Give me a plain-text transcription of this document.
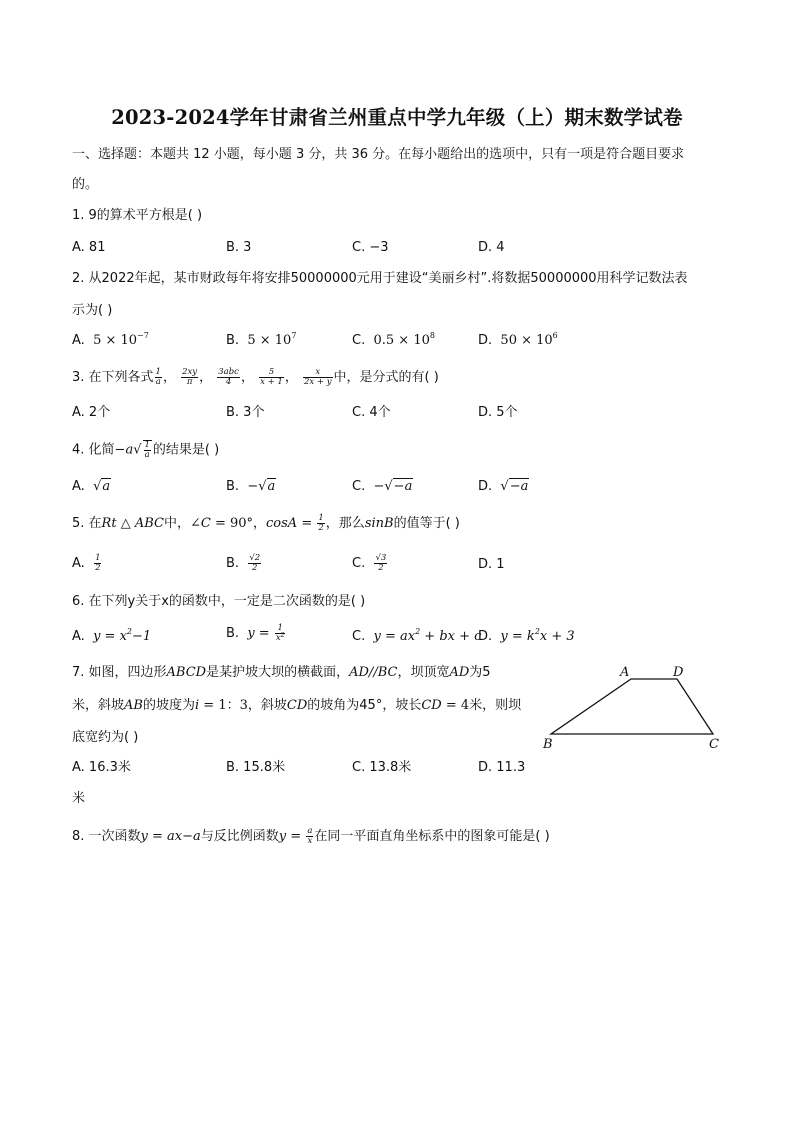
2023-2024学年甘肃省兰州重点中学九年级（上）期末数学试卷
一、选择题：本题共 12 小题，每小题 3 分，共 36 分。在每小题给出的选项中，只有一项是符合题目要求
的。
1. 9的算术平方根是( )
A. 81	B. 3	C. −3	D. 4
2. 从2022年起，某市财政每年将安排50000000元用于建设“美丽乡村”.将数据50000000用科学记数法表
示为( )
A.  $5 \times 10^{-7}$	B.  $5 \times 10^7$	C.  $0.5 \times 10^8$	D.  $50 \times 10^6$
3. 在下列各式 $\frac{1}{a}$ ， $\frac{2xy}{\pi}$ ， $\frac{\text{3abc}}{4}$ ， $\frac{5}{x + 1}$ ， $\frac{x}{2x + y}$ 中，是分式的有( )
A. 2个	B. 3个	C. 4个	D. 5个
4. 化简$-a√ \frac{1}{a}$ 的结果是( )
A.  √a	B.  −√a	C.  −√−a	D.  √−a
5. 在Rt △ ABC中，∠C = 90°，$\cos A = \frac{1}{2}$ ，那么sinB的值等于( )
A. $\frac{1}{2}$	B. $\frac{√2}{2}$	C. $\frac{√3}{2}$	D. 1
6. 在下列y关于x的函数中，一定是二次函数的是( )
A.  $y = x^2-1$	B.  $y = \frac{1}{x^2}$	C.  $y = ax^2$ + bx + c
D.  $y = k^2x + 3$
7. 如图，四边形ABCD是某护坡大坝的横截面，AD//BC，坝顶宽AD为5
米，斜坡AB的坡度为i = 1：3，斜坡CD的坡角为45°，坡长CD = 4米，则坝
底宽约为( )
A. 16.3米	B. 15.8米	C. 13.8米	D. 11.3
米
A	D
B	C
8. 一次函数y = ax−a与反比例函数$y = \frac{a}{x}$ 在同一平面直角坐标系中的图象可能是( )
